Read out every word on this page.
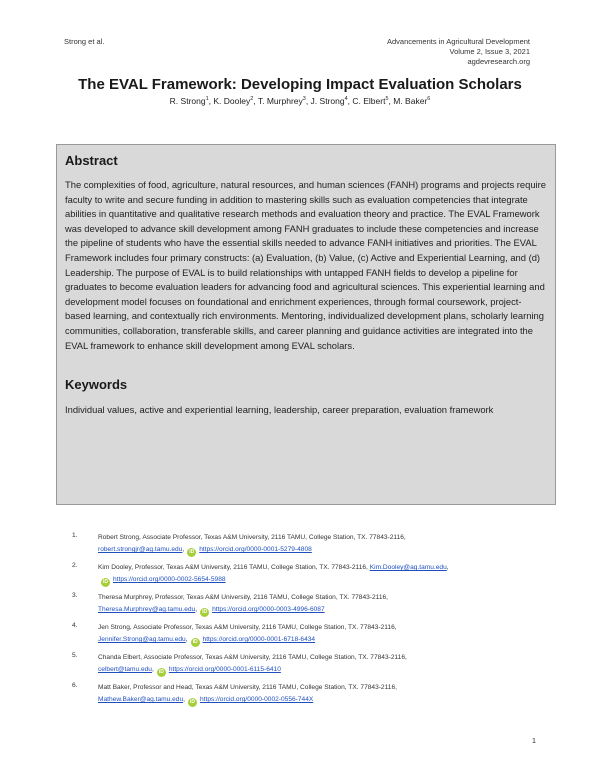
Strong et al.	Advancements in Agricultural Development
Volume 2, Issue 3, 2021
agdevresearch.org
The EVAL Framework: Developing Impact Evaluation Scholars
R. Strong$^1$, K. Dooley$^2$, T. Murphrey$^3$, J. Strong$^4$, C. Elbert$^5$, M. Baker$^6$
Abstract

The complexities of food, agriculture, natural resources, and human sciences (FANH) programs and projects require faculty to write and secure funding in addition to mastering skills such as evaluation competencies that integrate abilities in quantitative and qualitative research methods and evaluation theory and practice. The EVAL Framework was developed to advance skill development among FANH graduates to include these competencies and increase the pipeline of students who have the essential skills needed to advance FANH initiatives and priorities. The EVAL Framework includes four primary constructs: (a) Evaluation, (b) Value, (c) Active and Experiential Learning, and (d) Leadership. The purpose of EVAL is to build relationships with untapped FANH fields to develop a pipeline for graduates to become evaluation leaders for advancing food and agricultural sciences. This experiential learning and development model focuses on foundational and enrichment experiences, through formal coursework, project-based learning, and contextually rich environments. Mentoring, individualized development plans, scholarly learning communities, collaboration, transferable skills, and career planning and guidance activities are integrated into the EVAL framework to enhance skill development among EVAL scholars.

Keywords

Individual values, active and experiential learning, leadership, career preparation, evaluation framework

1.	Robert Strong, Associate Professor, Texas A&M University, 2116 TAMU, College Station, TX. 77843-2116,
robert.strongjr@ag.tamu.edu, iD https://orcid.org/0000-0001-5279-4808
2.	Kim Dooley, Professor, Texas A&M University, 2116 TAMU, College Station, TX. 77843-2116, Kim.Dooley@ag.tamu.edu,
iD https://orcid.org/0000-0002-5654-5988
3.	Theresa Murphrey, Professor, Texas A&M University, 2116 TAMU, College Station, TX. 77843-2116,
Theresa.Murphrey@ag.tamu.edu, iD https://orcid.org/0000-0003-4996-6087
4.	Jen Strong, Associate Professor, Texas A&M University, 2116 TAMU, College Station, TX. 77843-2116,
Jennifer.Strong@ag.tamu.edu, iD https://orcid.org/0000-0001-6718-6434
5.	Chanda Elbert, Associate Professor, Texas A&M University, 2116 TAMU, College Station, TX. 77843-2116,
celbert@tamu.edu, iD https://orcid.org/0000-0001-6115-6410
6.	Matt Baker, Professor and Head, Texas A&M University, 2116 TAMU, College Station, TX. 77843-2116,
Mathew.Baker@ag.tamu.edu, iD https://orcid.org/0000-0002-0556-744X
1
